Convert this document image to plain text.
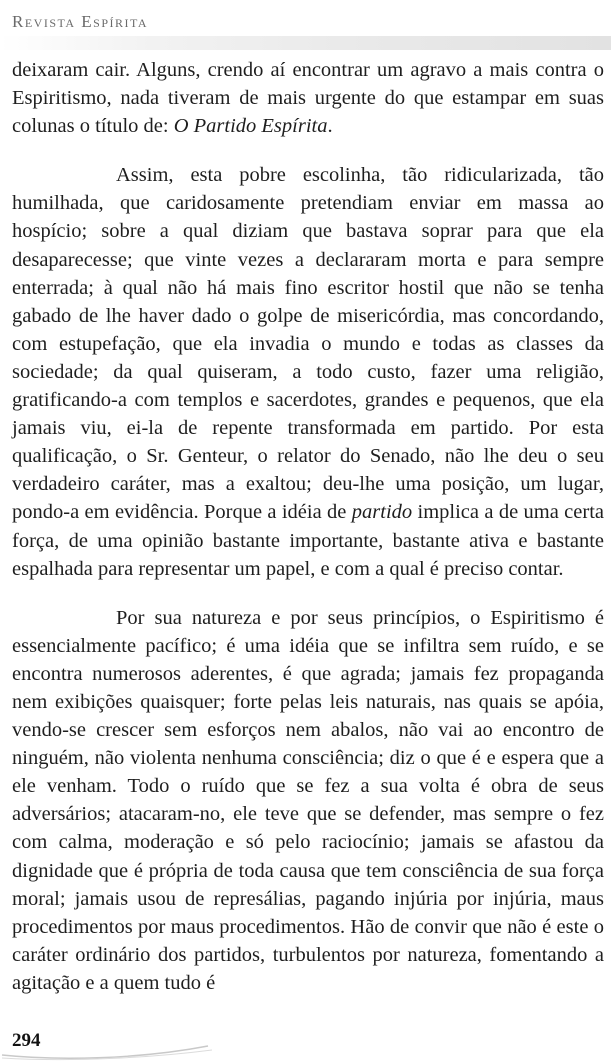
Revista Espírita

deixaram cair. Alguns, crendo aí encontrar um agravo a mais contra o Espiritismo, nada tiveram de mais urgente do que estampar em suas colunas o título de: O Partido Espírita.

Assim, esta pobre escolinha, tão ridicularizada, tão humilhada, que caridosamente pretendiam enviar em massa ao hospício; sobre a qual diziam que bastava soprar para que ela desaparecesse; que vinte vezes a declararam morta e para sempre enterrada; à qual não há mais fino escritor hostil que não se tenha gabado de lhe haver dado o golpe de misericórdia, mas concordando, com estupefação, que ela invadia o mundo e todas as classes da sociedade; da qual quiseram, a todo custo, fazer uma religião, gratificando-a com templos e sacerdotes, grandes e pequenos, que ela jamais viu, ei-la de repente transformada em partido. Por esta qualificação, o Sr. Genteur, o relator do Senado, não lhe deu o seu verdadeiro caráter, mas a exaltou; deu-lhe uma posição, um lugar, pondo-a em evidência. Porque a idéia de partido implica a de uma certa força, de uma opinião bastante importante, bastante ativa e bastante espalhada para representar um papel, e com a qual é preciso contar.

Por sua natureza e por seus princípios, o Espiritismo é essencialmente pacífico; é uma idéia que se infiltra sem ruído, e se encontra numerosos aderentes, é que agrada; jamais fez propaganda nem exibições quaisquer; forte pelas leis naturais, nas quais se apóia, vendo-se crescer sem esforços nem abalos, não vai ao encontro de ninguém, não violenta nenhuma consciência; diz o que é e espera que a ele venham. Todo o ruído que se fez a sua volta é obra de seus adversários; atacaram-no, ele teve que se defender, mas sempre o fez com calma, moderação e só pelo raciocínio; jamais se afastou da dignidade que é própria de toda causa que tem consciência de sua força moral; jamais usou de represálias, pagando injúria por injúria, maus procedimentos por maus procedimentos. Hão de convir que não é este o caráter ordinário dos partidos, turbulentos por natureza, fomentando a agitação e a quem tudo é

294
